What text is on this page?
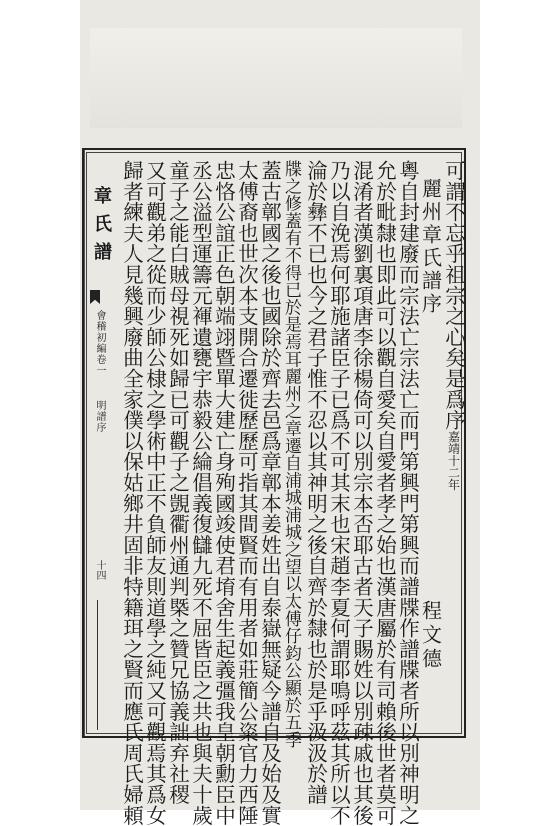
章氏譜
會稽初編卷一
明譜序
十四
可謂不忘乎祖宗之心矣是爲序嘉靖十二年
麗州章氏譜序
程文德
粵自封建廢而宗法亡宗法亡而門第興門第興而譜牒作譜牒者所以別神明之
允於毗隸也即此可以觀自愛矣自愛者孝之始也漢唐屬於有司賴後世者莫可
混淆者漢劉裏項唐李徐楊倚可以別宗本否耶古者天子賜姓以別疎戚也其後
乃以自浼焉何耶施諸臣子已爲不可其末也宋趙李夏何謂耶鳴呼茲其所以不
淪於彝不已也今之君子惟不忍以其神明之後自齊於隸也於是乎汲汲於譜
牒之修蓋有不得已於是焉耳麗州之章遷自浦城浦城之望以太傅仔鈞公顯於五季
蓋古鄣國之後也國除於齊去邑爲章鄣本姜姓出自泰嶽無疑今譜自及始及實
太傅裔也世次本支開合遷徙歷歷可指其間賢而有用者如莊簡公粢官力西陲
忠恪公誼正色朝端翊暨單大建亡身殉國竣使君堉舍生起義彊我皇朝勳臣中
丞公溢型運籌元褌遺甕宇恭毅公綸倡義復讎九死不屈皆臣之共也與夫十歲
童子之能白賊母視死如歸已可觀子之覬衢州通判槩之贊兄協義詘弃社稷
又可觀弟之從而少師公棣之學術中正不負師友則道學之純又可觀焉其爲女
歸者練夫人見幾興廢曲全家僕以保姑鄉井固非特籍珥之賢而應氏周氏婦頼
